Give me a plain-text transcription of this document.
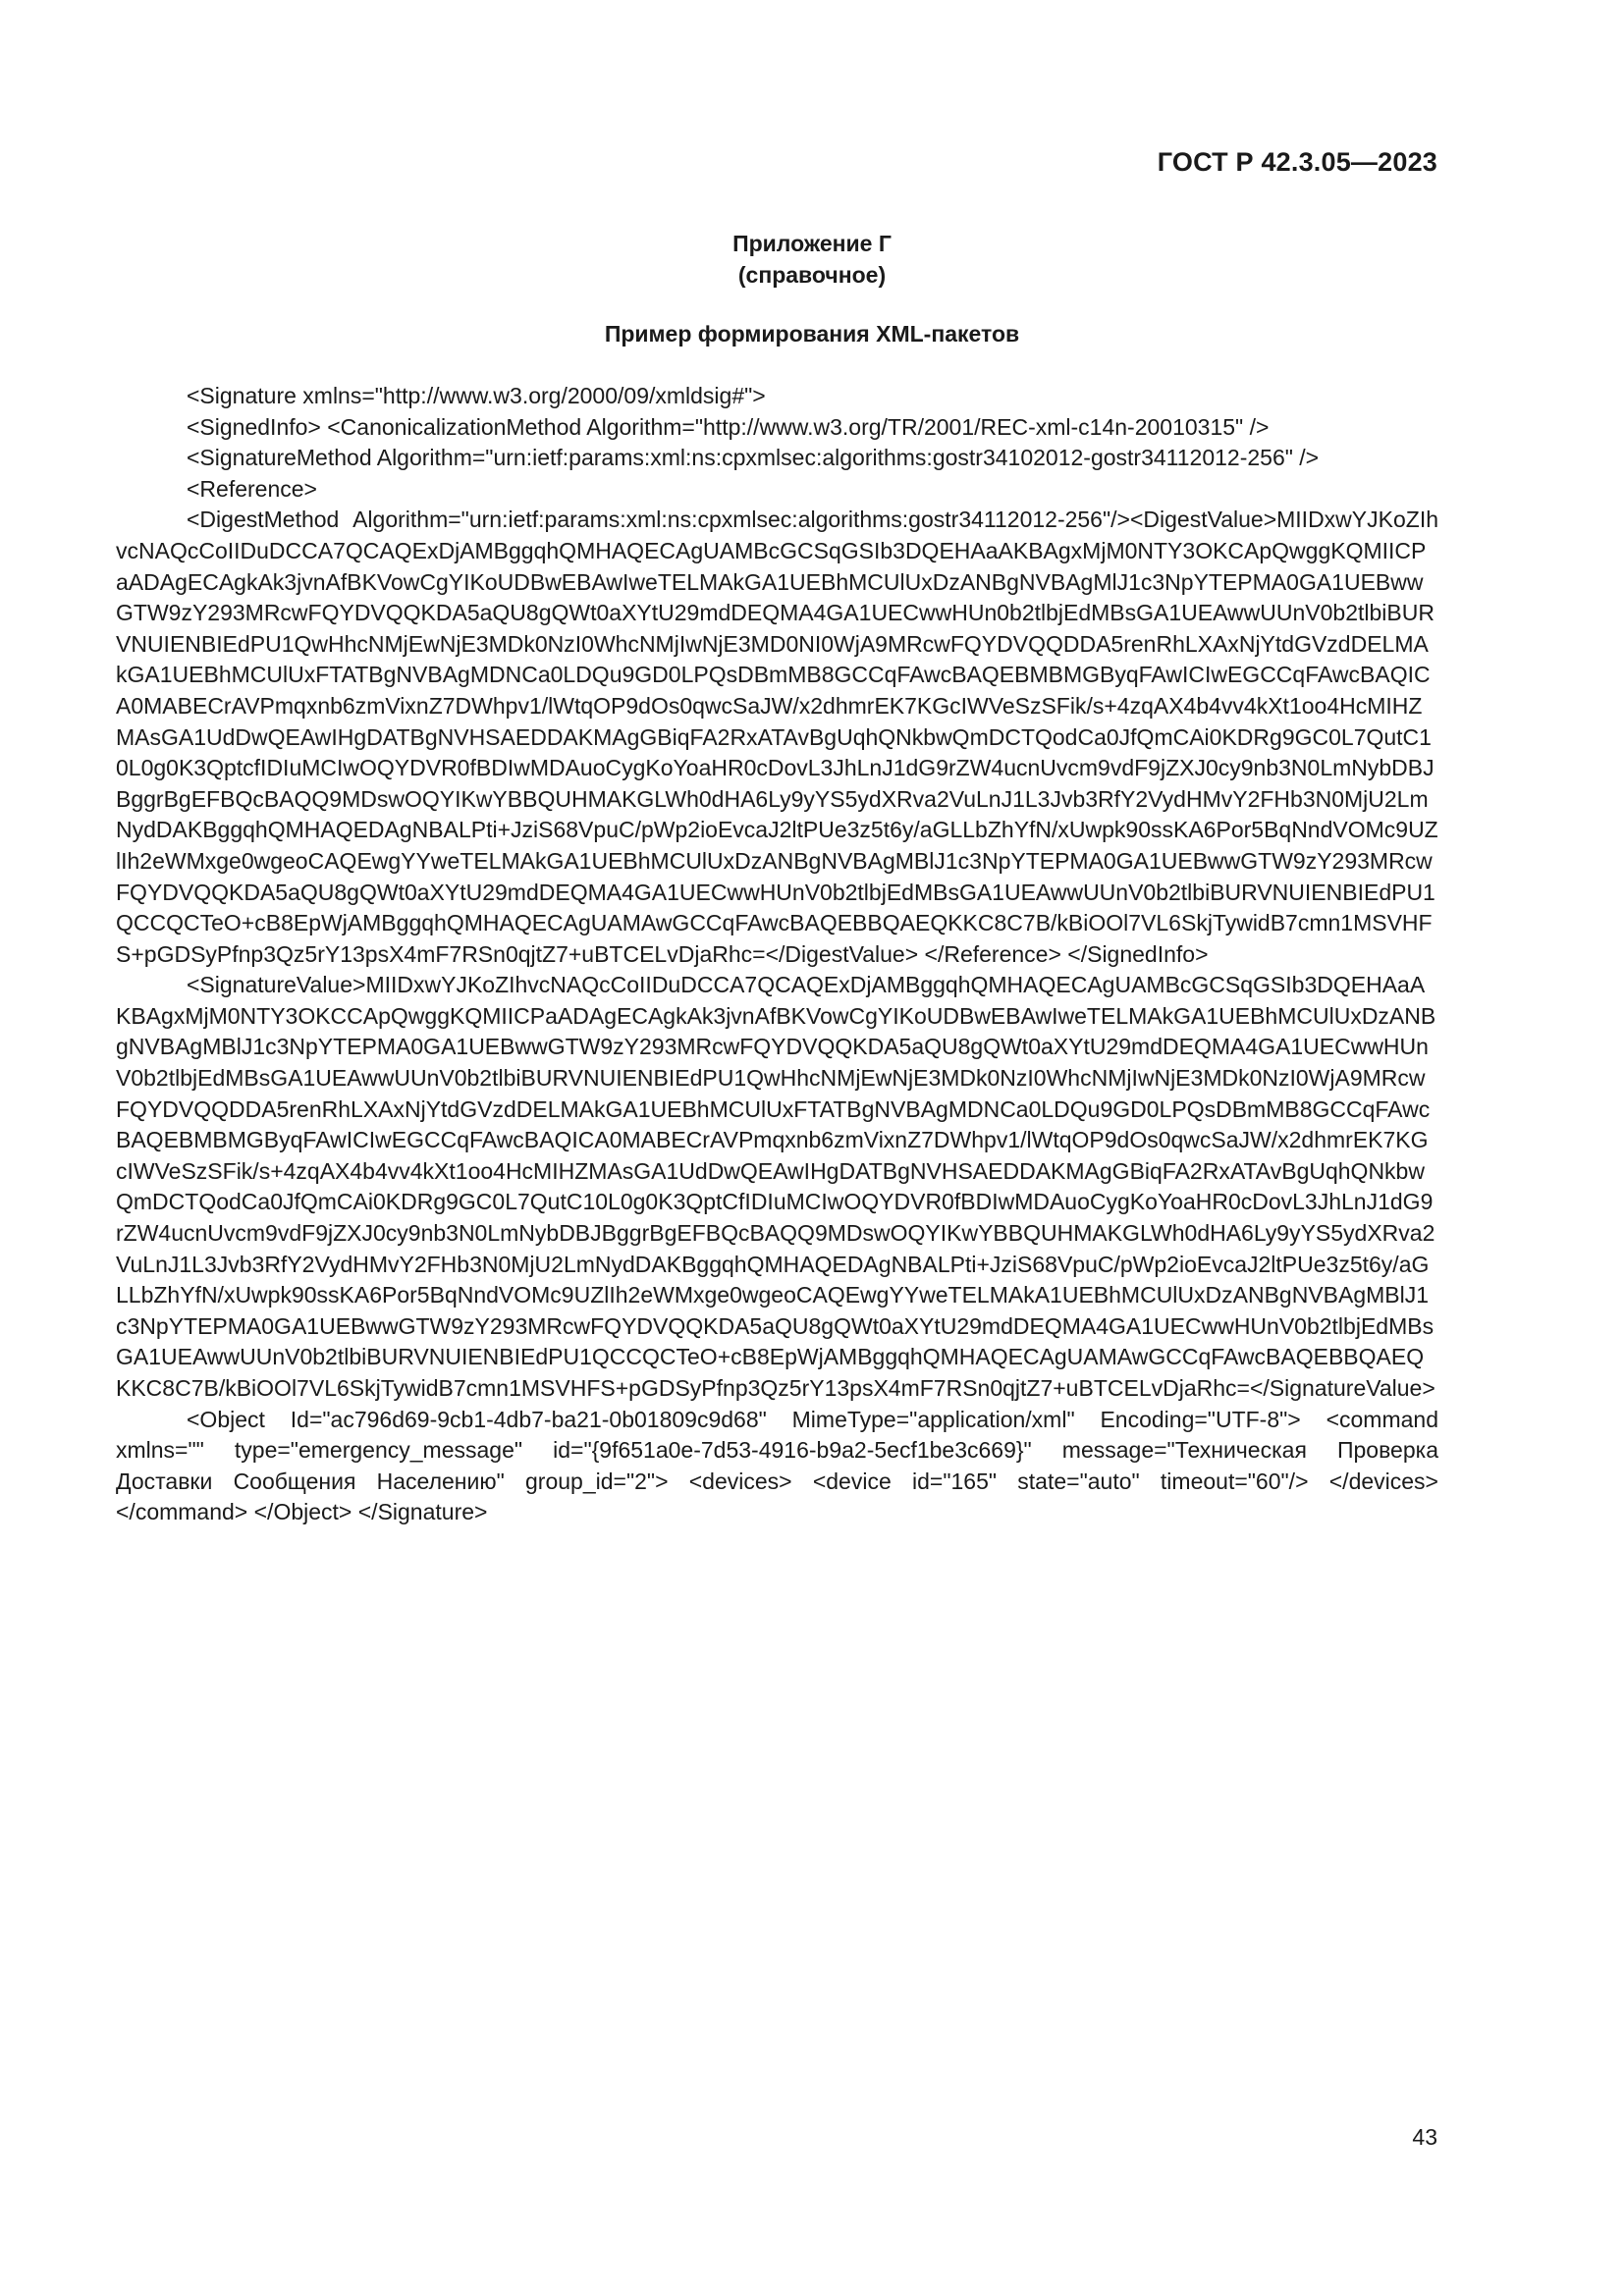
ГОСТ Р 42.3.05—2023
Приложение Г
(справочное)
Пример формирования XML-пакетов
<Signature xmlns="http://www.w3.org/2000/09/xmldsig#">
<SignedInfo> <CanonicalizationMethod Algorithm="http://www.w3.org/TR/2001/REC-xml-c14n-20010315" />
<SignatureMethod Algorithm="urn:ietf:params:xml:ns:cpxmlsec:algorithms:gostr34102012-gostr34112012-256" />
<Reference>
<DigestMethod Algorithm="urn:ietf:params:xml:ns:cpxmlsec:algorithms:gostr34112012-256"/><DigestValue>MIIDxwYJKoZIhvcNAQcCoIIDuDCCA7QCAQExDjAMBggqhQMHAQECAgUAMBcGCSqGSIb3DQEHAaAKBAgxMjM0NTY3OKCApQwggKQMIICPaADAgECAgkAk3jvnAfBKVowCgYIKoUDBwEBAwIweTELMAkGA1UEBhMCUlUxDzANBgNVBAgMlJ1c3NpYTEPMA0GA1UEBwwGTW9zY293MRcwFQYDVQQKDA5aQU8gQWt0aXYtU29mdDEQMA4GA1UECwwHUn0b2tlbjEdMBsGA1UEAwwUUnV0b2tlbiBURVNUIENBIEdPU1QwHhcNMjEwNjE3MDk0NzI0WhcNMjIwNjE3MD0NI0WjA9MRcwFQYDVQQDDA5renRhLXAxNjYtdGVzdDELMAkGA1UEBhMCUlUxFTATBgNVBAgMDNCa0LDQu9GD0LPQsDBmMB8GCCqFAwcBAQEBMBMGByqFAwICIwEGCCqFAwcBAQICA0MABECrAVPmqxnb6zmVixnZ7DWhpv1/lWtqOP9dOs0qwcSaJW/x2dhmrEK7KGcIWVeSzSFik/s+4zqAX4b4vv4kXt1oo4HcMIHZMAsGA1UdDwQEAwIHgDATBgNVHSAEDDAKMAgGBiqFA2RxATAvBgUqhQNkbwQmDCTQodCa0JfQmCAi0KDRg9GC0L7QutC10L0g0K3QptcfIDIuMCIwOQYDVR0fBDIwMDAuoCygKoYoaHR0cDovL3JhLnJ1dG9rZW4ucnUvcm9vdF9jZXJ0cy9nb3N0LmNybDBJBggrBgEFBQcBAQQ9MDswOQYIKwYBBQUHMAKGLWh0dHA6Ly9yYS5ydXRva2VuLnJ1L3Jvb3RfY2VydHMvY2FHb3N0MjU2LmNydDAKBggqhQMHAQEDAgNBALPti+JziS68VpuC/pWp2ioEvcaJ2ltPUe3z5t6y/aGLLbZhYfN/xUwpk90ssKA6Por5BqNndVOMc9UZlIh2eWMxge0wgeoCAQEwgYYweTELMAkGA1UEBhMCUlUxDzANBgNVBAgMBlJ1c3NpYTEPMA0GA1UEBwwGTW9zY293MRcwFQYDVQQKDA5aQU8gQWt0aXYtU29mdDEQMA4GA1UECwwHUnV0b2tlbjEdMBsGA1UEAwwUUnV0b2tlbiBURVNUIENBIEdPU1QCCQCTeO+cB8EpWjAMBggqhQMHAQECAgUAMAwGCCqFAwcBAQEBBQAEQKKC8C7B/kBiOOl7VL6SkjTywidB7cmn1MSVHFS+pGDSyPfnp3Qz5rY13psX4mF7RSn0qjtZ7+uBTCELvDjaRhc=</DigestValue> </Reference> </SignedInfo>
<SignatureValue>MIIDxwYJKoZIhvcNAQcCoIIDuDCCA7QCAQExDjAMBggqhQMHAQECAgUAMBcGCSqGSIb3DQEHAaAKBAgxMjM0NTY3OKCCApQwggKQMIICPaADAgECAgkAk3jvnAfBKVowCgYIKoUDBwEBAwIweTELMAkGA1UEBhMCUlUxDzANBgNVBAgMBlJ1c3NpYTEPMA0GA1UEBwwGTW9zY293MRcwFQYDVQQKDA5aQU8gQWt0aXYtU29mdDEQMA4GA1UECwwHUnV0b2tlbjEdMBsGA1UEAwwUUnV0b2tlbiBURVNUIENBIEdPU1QwHhcNMjEwNjE3MDk0NzI0WhcNMjIwNjE3MDk0NzI0WjA9MRcwFQYDVQQDDA5renRhLXAxNjYtdGVzdDELMAkGA1UEBhMCUlUxFTATBgNVBAgMDNCa0LDQu9GD0LPQsDBmMB8GCCqFAwcBAQEBMBMGByqFAwICIwEGCCqFAwcBAQICA0MABECrAVPmqxnb6zmVixnZ7DWhpv1/lWtqOP9dOs0qwcSaJW/x2dhmrEK7KGcIWVeSzSFik/s+4zqAX4b4vv4kXt1oo4HcMIHZMAsGA1UdDwQEAwIHgDATBgNVHSAEDDAKMAgGBiqFA2RxATAvBgUqhQNkbwQmDCTQodCa0JfQmCAi0KDRg9GC0L7QutC10L0g0K3QptCfIDIuMCIwOQYDVR0fBDIwMDAuoCygKoYoaHR0cDovL3JhLnJ1dG9rZW4ucnUvcm9vdF9jZXJ0cy9nb3N0LmNybDBJBggrBgEFBQcBAQQ9MDswOQYIKwYBBQUHMAKGLWh0dHA6Ly9yYS5ydXRva2VuLnJ1L3Jvb3RfY2VydHMvY2FHb3N0MjU2LmNydDAKBggqhQMHAQEDAgNBALPti+JziS68VpuC/pWp2ioEvcaJ2ltPUe3z5t6y/aGLLbZhYfN/xUwpk90ssKA6Por5BqNndVOMc9UZlIh2eWMxge0wgeoCAQEwgYYweTELMAkA1UEBhMCUlUxDzANBgNVBAgMBlJ1c3NpYTEPMA0GA1UEBwwGTW9zY293MRcwFQYDVQQKDA5aQU8gQWt0aXYtU29mdDEQMA4GA1UECwwHUnV0b2tlbjEdMBsGA1UEAwwUUnV0b2tlbiBURVNUIENBIEdPU1QCCQCTeO+cB8EpWjAMBggqhQMHAQECAgUAMAwGCCqFAwcBAQEBBQAEQKKC8C7B/kBiOOl7VL6SkjTywidB7cmn1MSVHFS+pGDSyPfnp3Qz5rY13psX4mF7RSn0qjtZ7+uBTCELvDjaRhc=</SignatureValue>
<Object Id="ac796d69-9cb1-4db7-ba21-0b01809c9d68" MimeType="application/xml" Encoding="UTF-8"> <command xmlns="" type="emergency_message" id="{9f651a0e-7d53-4916-b9a2-5ecf1be3c669}" message="Техническая Проверка Доставки Сообщения Населению" group_id="2"> <devices> <device id="165" state="auto" timeout="60"/> </devices> </command> </Object> </Signature>
43
